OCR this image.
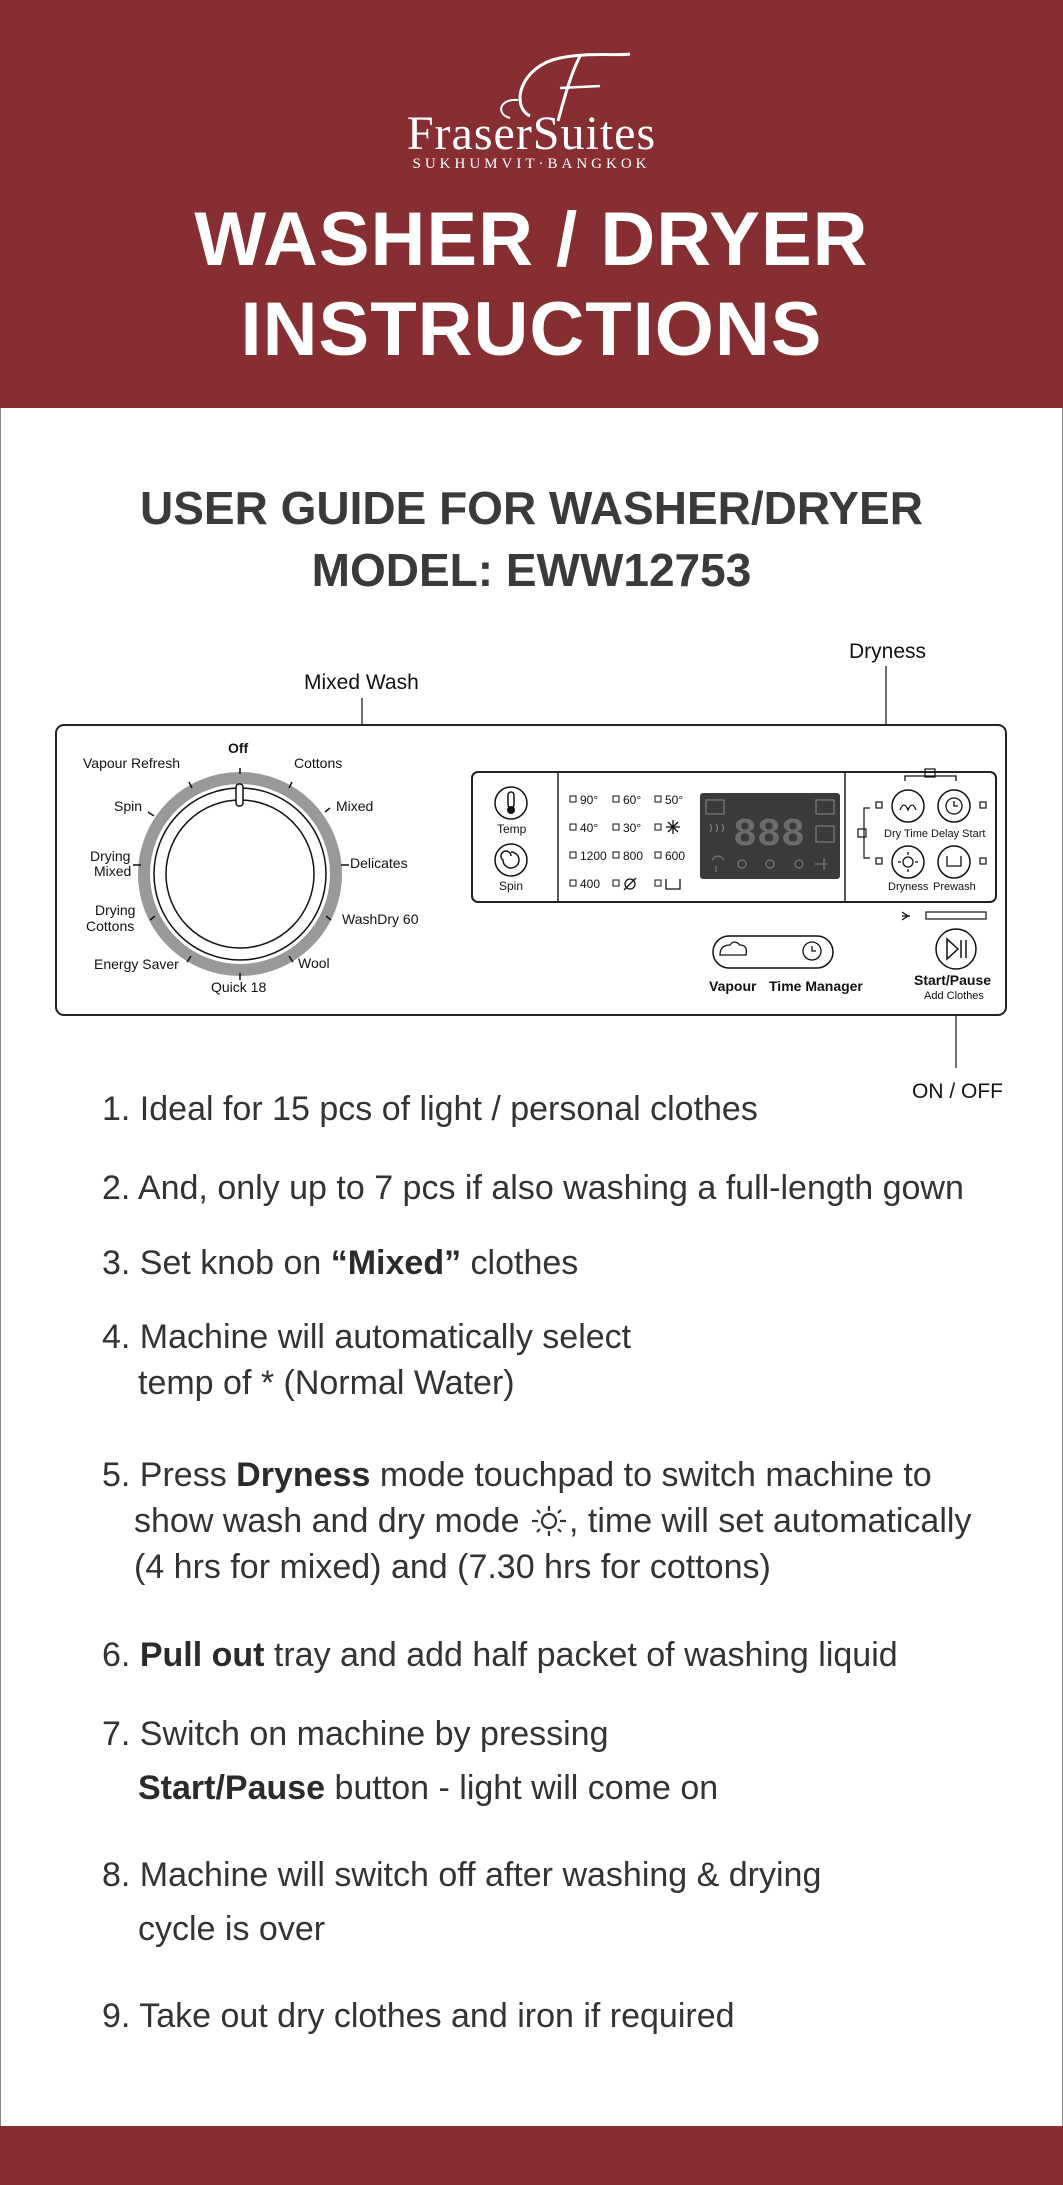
FraserSuites
SUKHUMVIT·BANGKOK
WASHER / DRYER
INSTRUCTIONS
USER GUIDE FOR WASHER/DRYER
MODEL: EWW12753
Mixed Wash
Dryness
ON / OFF
Off
Cottons
Mixed
Delicates
WashDry 60
Wool
Quick 18
Energy Saver
Drying
Cottons
Drying
Mixed
Spin
Vapour Refresh
Temp
Spin
90° 60° 50°
40° 30°
1200 800 600
400
888	Dry Time Delay Start
Dryness Prewash
Vapour Time Manager	Start/Pause
Add Clothes
1. Ideal for 15 pcs of light / personal clothes
2. And, only up to 7 pcs if also washing a full-length gown
3. Set knob on “Mixed” clothes
4. Machine will automatically select
temp of * (Normal Water)
5. Press Dryness mode touchpad to switch machine to
show wash and dry mode , time will set automatically
(4 hrs for mixed) and (7.30 hrs for cottons)
6. Pull out tray and add half packet of washing liquid
7. Switch on machine by pressing
Start/Pause button - light will come on
8. Machine will switch off after washing & drying
cycle is over
9. Take out dry clothes and iron if required
